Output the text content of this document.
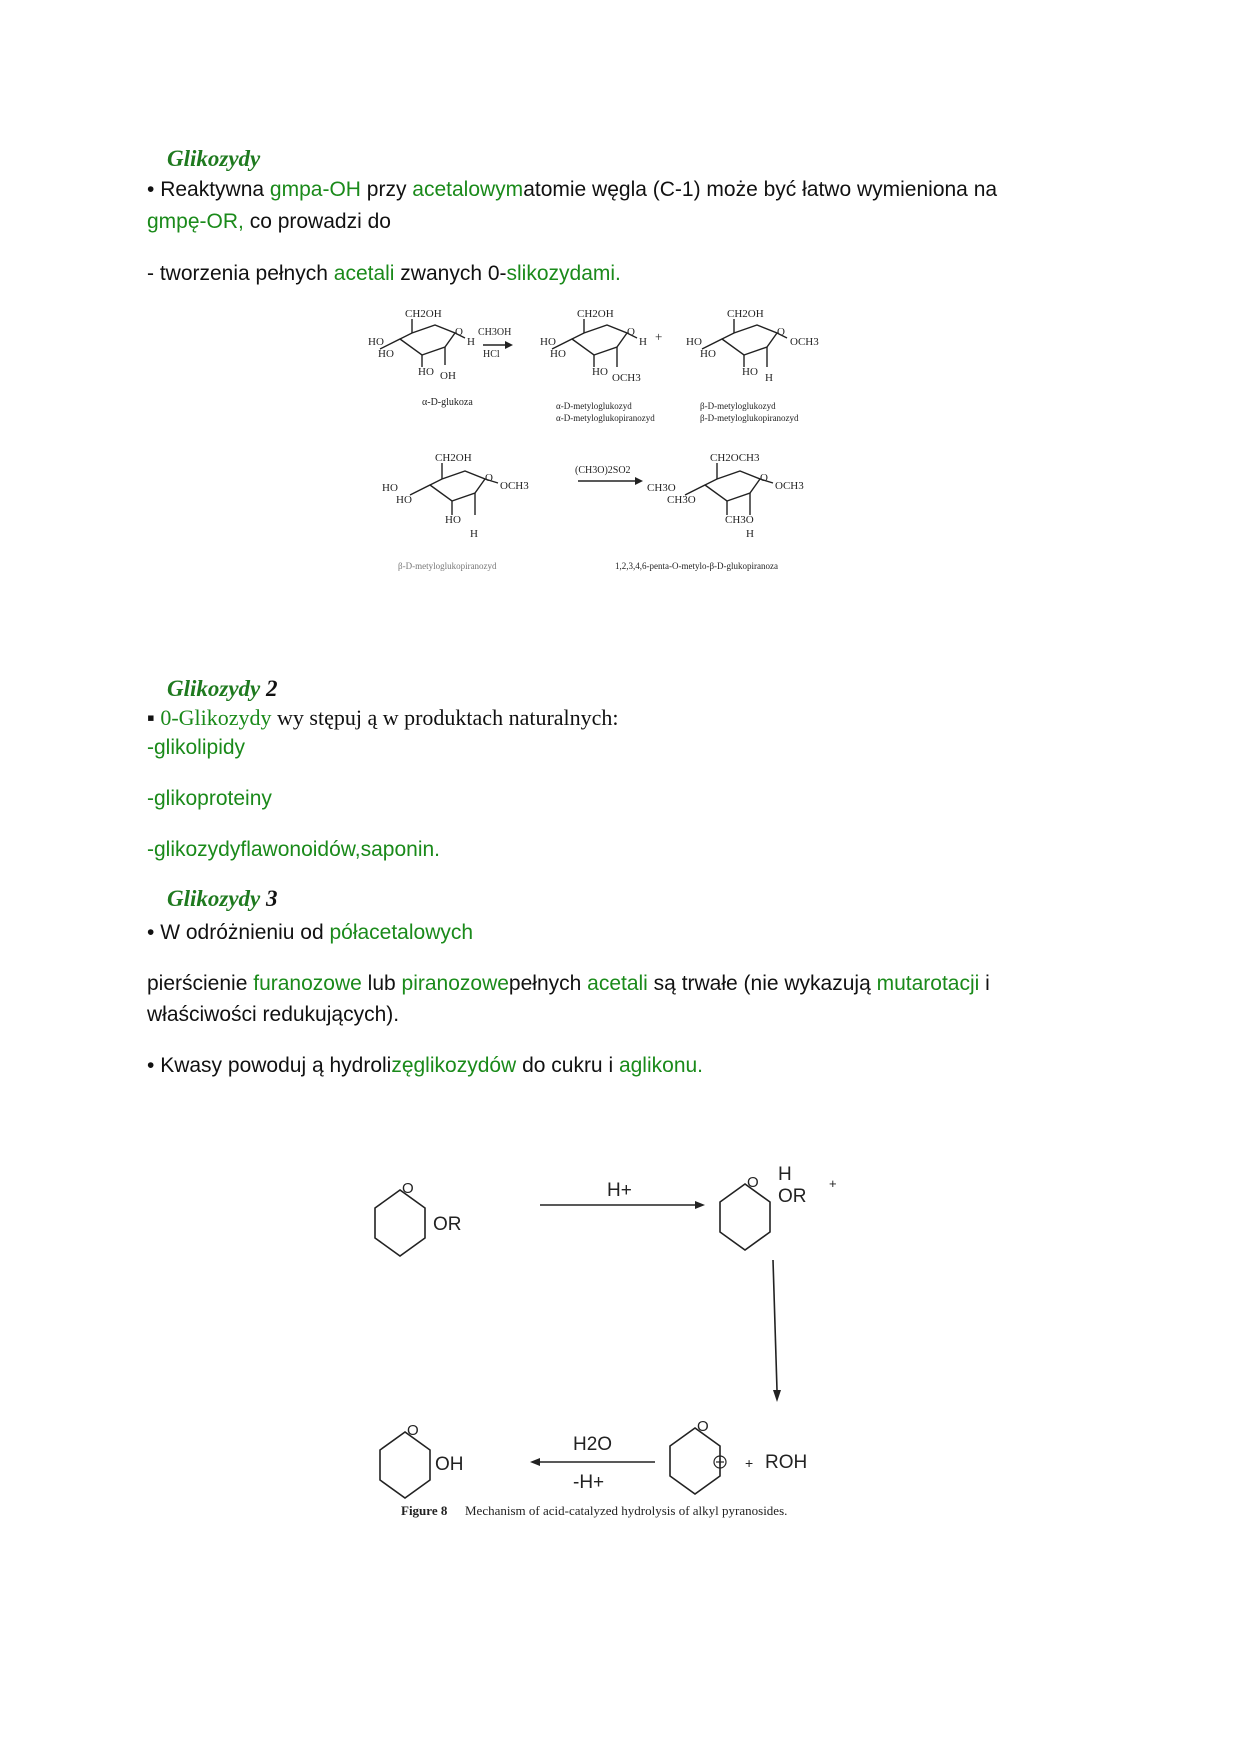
Glikozydy
• Reaktywna gmpa-OH przy acetalowymatomie węgla (C-1) może być łatwo wymieniona na
gmpę-OR, co prowadzi do
- tworzenia pełnych acetali zwanych 0-slikozydami.
CH2OH
O
HO
HO
H
HO OH
CH3OH
HCl
CH2OH
O
HO
HO
H
HO OCH3
+
CH2OH
O
HO
HO
OCH3
HO H
α-D-glukoza	α-D-metyloglukozyd
α-D-metyloglukopiranozyd
β-D-metyloglukozyd
β-D-metyloglukopiranozyd
CH2OH
O
HO
HO
OCH3
HO
H
(CH3O)2SO2
CH2OCH3
O
CH3O
CH3O
OCH3
CH3O
H
β-D-metyloglukopiranozyd	1,2,3,4,6-penta-O-metylo-β-D-glukopiranoza
Glikozydy 2
▪ 0-Glikozydy wy stępuj ą w produktach naturalnych:
-glikolipidy
-glikoproteiny
-glikozydyflawonoidów,saponin.
Glikozydy 3
• W odróżnieniu od półacetalowych
pierścienie furanozowe lub piranozowepełnych acetali są trwałe (nie wykazują mutarotacji i
właściwości redukujących).
• Kwasy powoduj ą hydrolizęglikozydów do cukru i aglikonu.
O
OR
H+	O H
OR
+
O
+ ROH
H2O
-H+
O
OH
Figure 8 Mechanism of acid-catalyzed hydrolysis of alkyl pyranosides.
